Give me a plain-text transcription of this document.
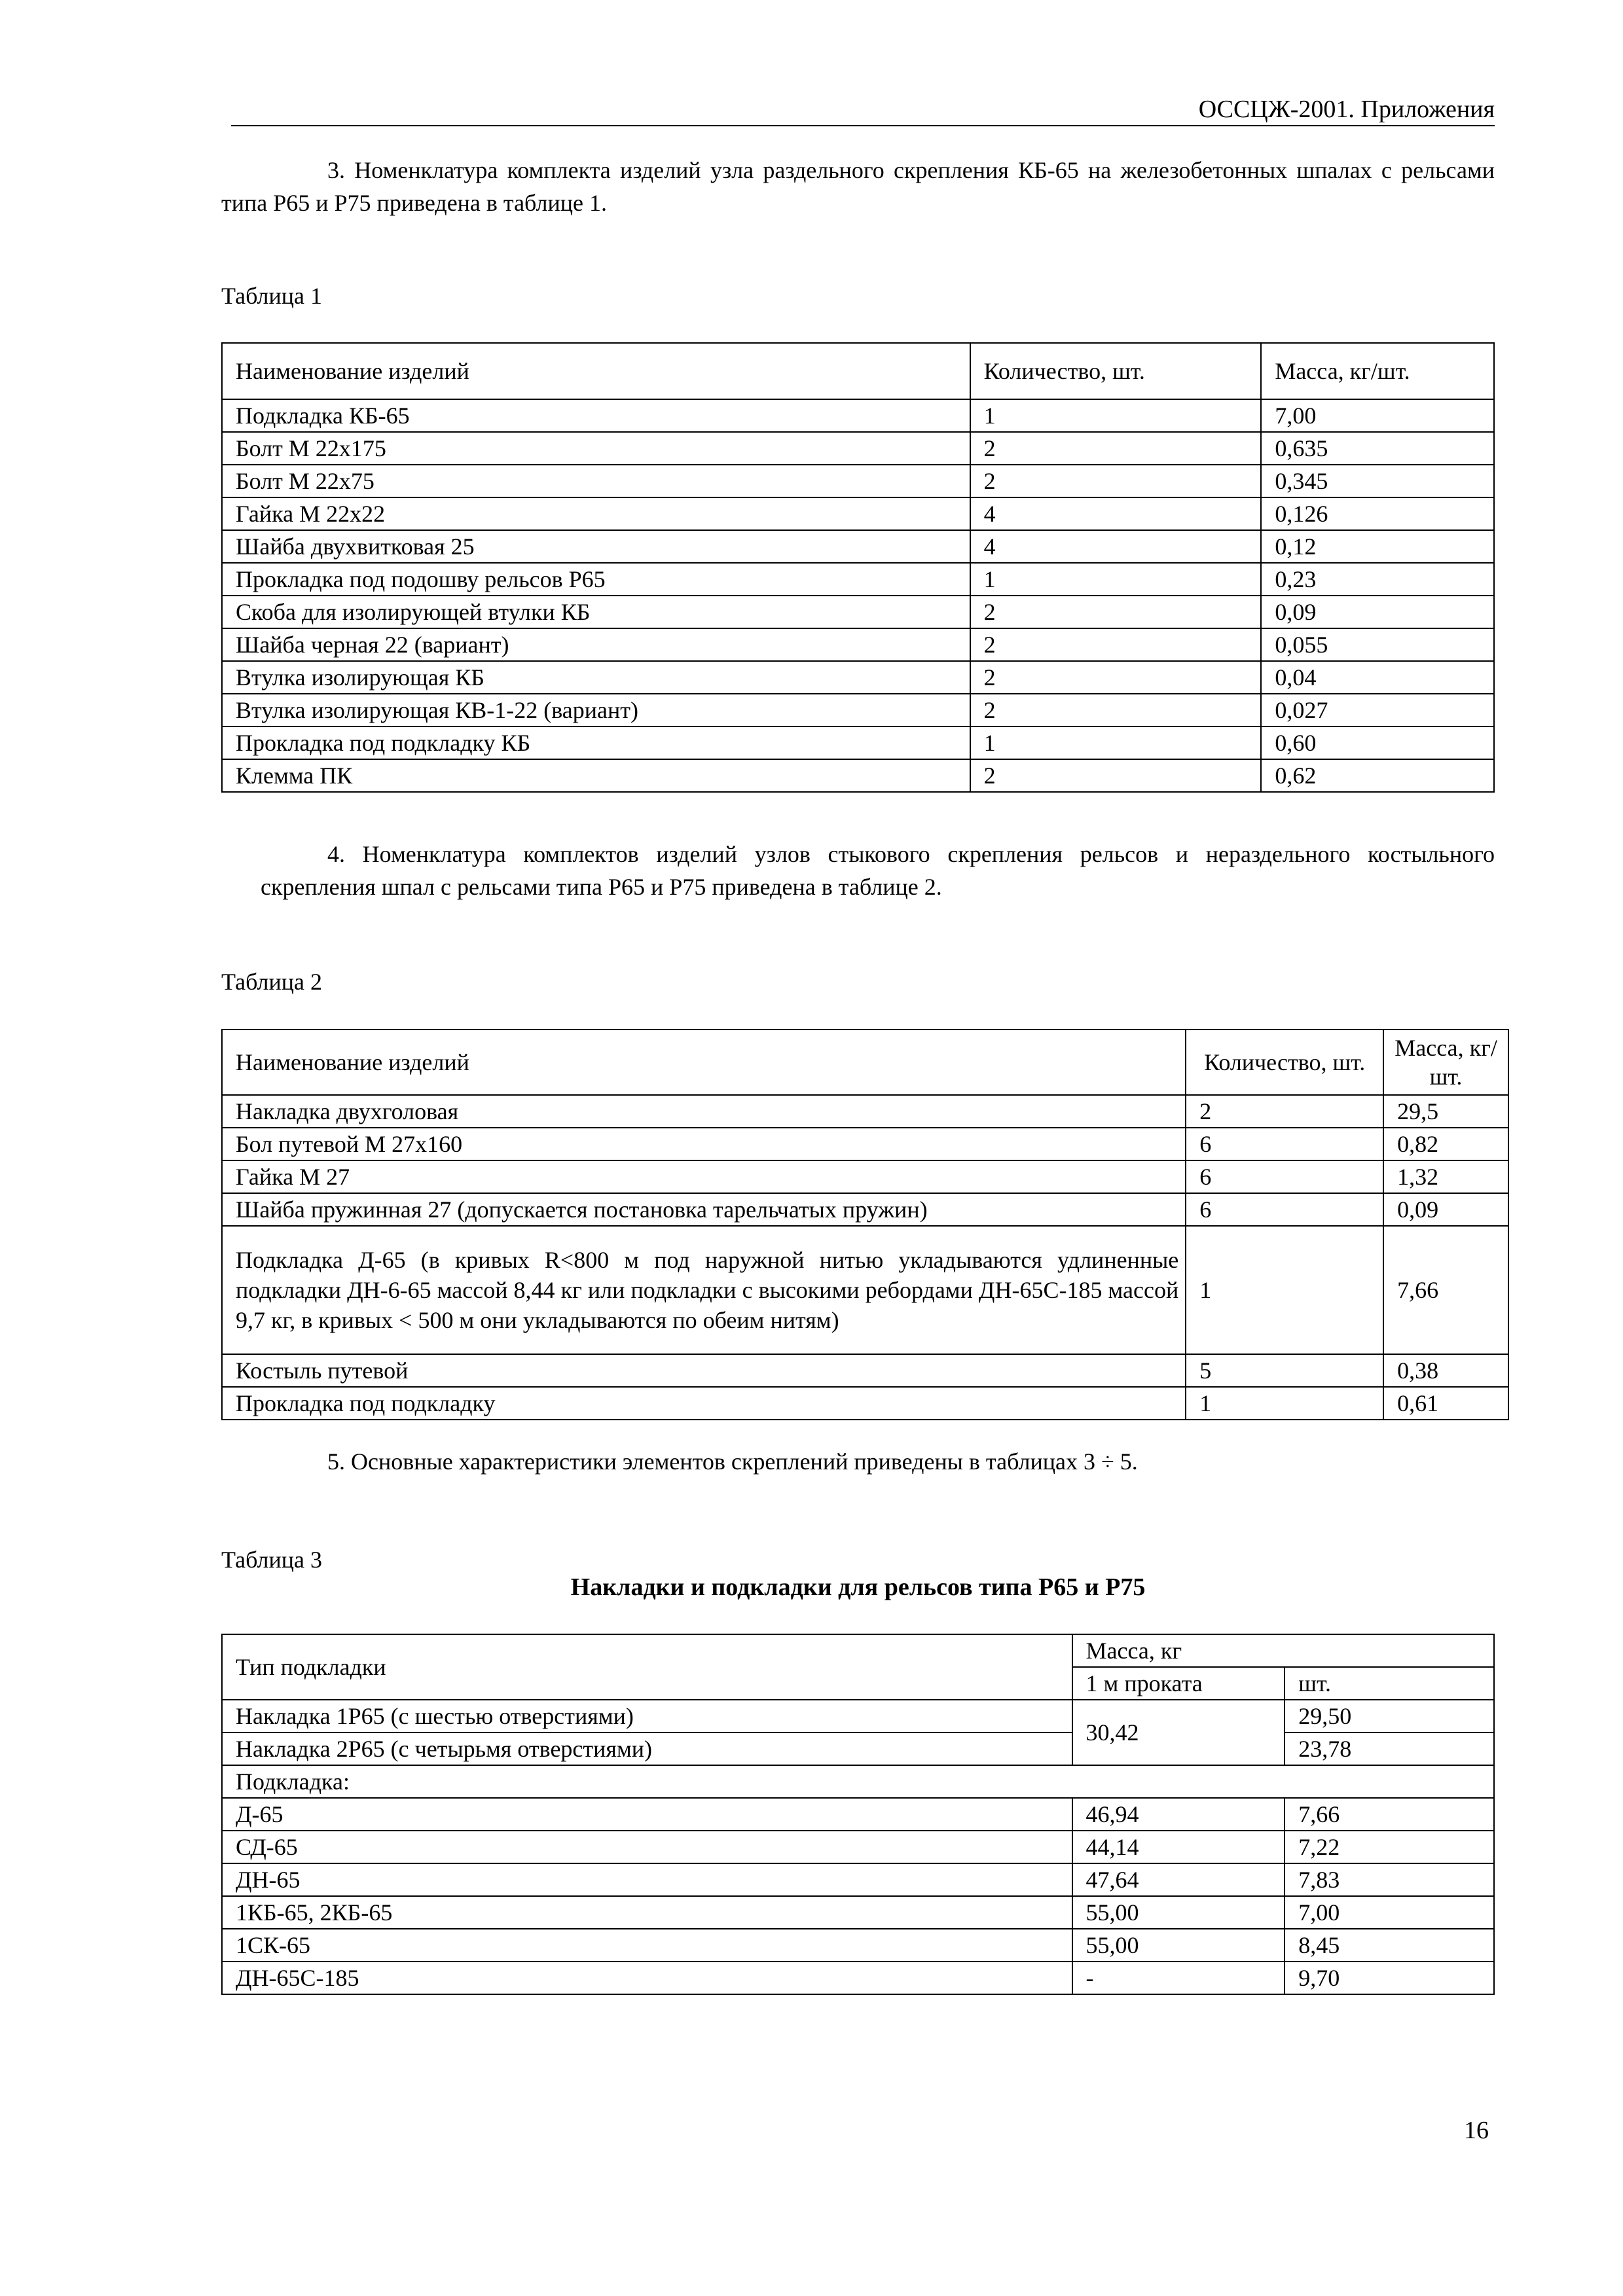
ОССЦЖ-2001. Приложения
3. Номенклатура комплекта изделий узла раздельного скрепления КБ-65 на железобетонных шпалах с рельсами типа Р65 и Р75 приведена в таблице 1.
Таблица 1
Наименование изделий	Количество, шт.	Масса, кг/шт.
Подкладка КБ-65	1	7,00
Болт М 22х175	2	0,635
Болт М 22х75	2	0,345
Гайка М 22х22	4	0,126
Шайба двухвитковая 25	4	0,12
Прокладка под подошву рельсов Р65	1	0,23
Скоба для изолирующей втулки КБ	2	0,09
Шайба черная 22 (вариант)	2	0,055
Втулка изолирующая КБ	2	0,04
Втулка изолирующая КВ-1-22 (вариант)	2	0,027
Прокладка под подкладку КБ	1	0,60
Клемма ПК	2	0,62
4. Номенклатура комплектов изделий узлов стыкового скрепления рельсов и нераздельного костыльного скрепления шпал с рельсами типа Р65 и Р75 приведена в таблице 2.
Таблица 2
Наименование изделий	Количество, шт.	Масса, кг/шт.
Накладка двухголовая	2	29,5
Бол путевой М 27х160	6	0,82
Гайка М 27	6	1,32
Шайба пружинная 27 (допускается постановка тарельчатых пружин)	6	0,09
Подкладка Д-65 (в кривых R<800 м под наружной нитью укладываются удлиненные подкладки ДН-6-65 массой 8,44 кг или подкладки с высокими ребордами ДН-65С-185 массой 9,7 кг, в кривых < 500 м они укладываются по обеим нитям)	1	7,66
Костыль путевой	5	0,38
Прокладка под подкладку	1	0,61
5. Основные характеристики элементов скреплений приведены в таблицах 3 ÷ 5.
Таблица 3
Накладки и подкладки для рельсов типа Р65 и Р75
Тип подкладки	Масса, кг	
	1 м проката	шт.
Накладка 1Р65 (с шестью отверстиями)	30,42	29,50
Накладка 2Р65 (с четырьмя отверстиями)		23,78
Подкладка:		
Д-65	46,94	7,66
СД-65	44,14	7,22
ДН-65	47,64	7,83
1КБ-65, 2КБ-65	55,00	7,00
1СК-65	55,00	8,45
ДН-65С-185	-	9,70
16
